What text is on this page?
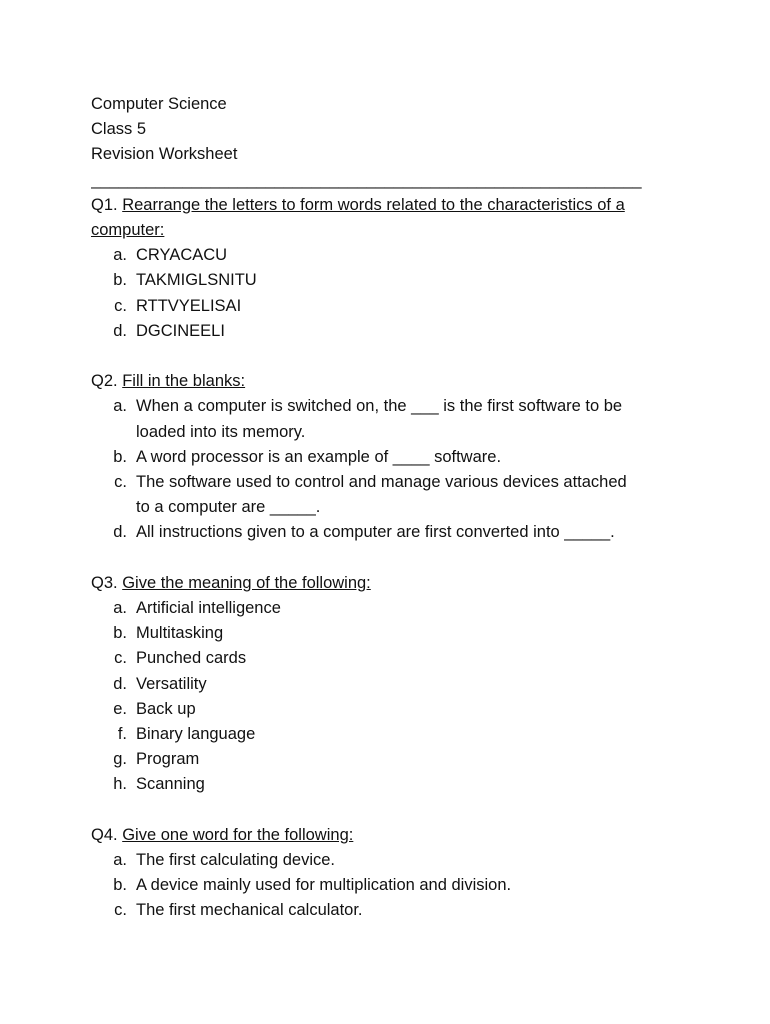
Computer Science
Class 5
Revision Worksheet
____________________________________________________________
Q1. Rearrange the letters to form words related to the characteristics of a computer:
a. CRYACACU
b. TAKMIGLSNITU
c. RTTVYELISAI
d. DGCINEELI
Q2. Fill in the blanks:
a. When a computer is switched on, the ___ is the first software to be loaded into its memory.
b. A word processor is an example of ____ software.
c. The software used to control and manage various devices attached to a computer are _____.
d. All instructions given to a computer are first converted into _____.
Q3. Give the meaning of the following:
a. Artificial intelligence
b. Multitasking
c. Punched cards
d. Versatility
e. Back up
f. Binary language
g. Program
h. Scanning
Q4. Give one word for the following:
a. The first calculating device.
b. A device mainly used for multiplication and division.
c. The first mechanical calculator.
